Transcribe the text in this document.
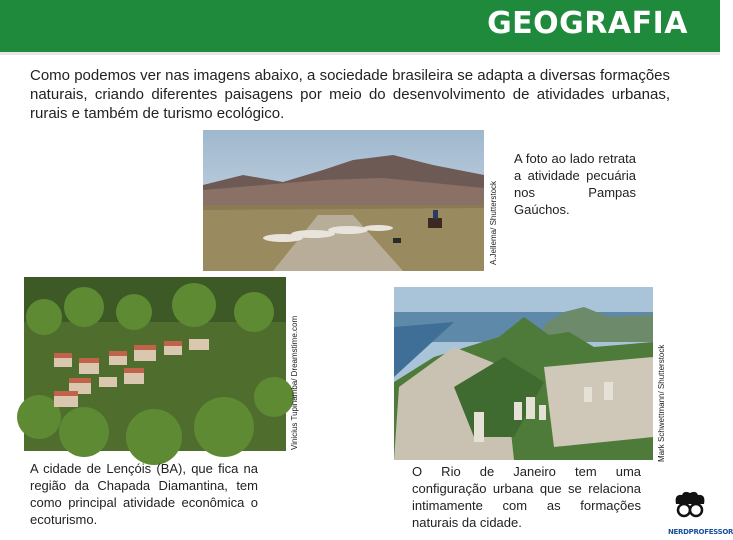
GEOGRAFIA
Como podemos ver nas imagens abaixo, a sociedade brasileira se adapta a diversas formações naturais, criando diferentes paisagens por meio do desenvolvimento de atividades urbanas, rurais e também de turismo ecológico.
A.Jellema/ Shutterstock
A foto ao lado retrata a atividade pecuária nos Pampas Gaúchos.
Vinicius Tupinamba/ Dreamstime.com
A cidade de Lençóis (BA), que fica na região da Chapada Diamantina, tem como principal atividade econômica o ecoturismo.
Mark Schwettmann/ Shutterstock
O Rio de Janeiro tem uma configuração urbana que se relaciona intimamente com as formações naturais da cidade.
NERDPROFESSOR
